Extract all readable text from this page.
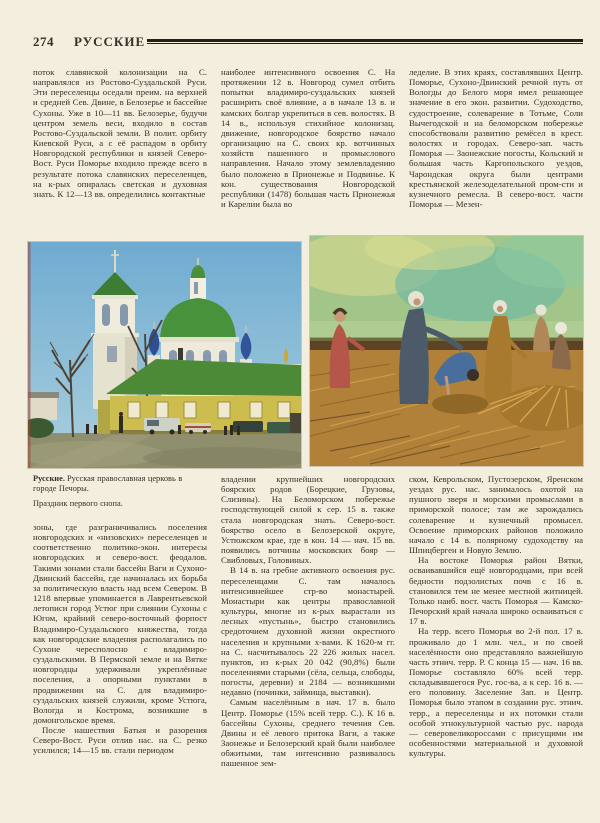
274 РУССКИЕ

поток славянской колонизации на С. направлялся из Ростово-Суздальской Руси. Эти переселенцы оседали преим. на верхней и средней Сев. Двине, в Белозерье и бассейне Сухоны. Уже в 10—11 вв. Белозерье, будучи центром земель веси, входило в состав Ростово-Суздальской земли. В полит. орбиту Киевской Руси, а с её распадом в орбиту Новгородской республики и князей Северо-Вост. Руси Поморье входило прежде всего в результате потока славянских переселенцев, на к-рых опиралась светская и духовная знать. К 12—13 вв. определились контактные

наиболее интенсивного освоения С. На протяжении 12 в. Новгород сумел отбить попытки владимиро-суздальских князей расширить своё влияние, а в начале 13 в. и камских болгар укрепиться в сев. волостях. В 14 в., используя стихийное колонизац. движение, новгородское боярство начало организацию на С. своих кр. вотчинных хозяйств пашенного и промыслового направления. Начало этому землевладению было положено в Прионежье и Подвинье. К кон. существования Новгородской республики (1478) большая часть Прионежья и Карелии была во

леделие. В этих краях, составлявших Центр. Поморье, Сухоно-Двинский речной путь от Вологды до Белого моря имел решающее значение в его экон. развитии. Судоходство, судостроение, солеварение в Тотьме, Соли Вычегодской и на беломорском побережье способствовали развитию ремёсел в крест. волостях и городах. Северо-зап. часть Поморья — Заонежские погосты, Кольский и большая часть Каргопольского уездов, Чарондская округа были центрами крестьянской железоделательной пром-сти и кузнечного ремесла. В северо-вост. части Поморья — Мезен-

Русские. Русская православная церковь в городе Печоры.

Праздник первого снопа.

зоны, где разграничивались поселения новгородских и «низовских» переселенцев и соответственно политико-экон. интересы новгородских и северо-вост. феодалов. Такими зонами стали бассейн Ваги и Сухоно-Двинский бассейн, где начиналась их борьба за политическую власть над всем Севером. В 1218 впервые упоминается в Лаврентьевской летописи город Устюг при слиянии Сухоны с Югом, крайний северо-восточный форпост Владимиро-Суздальского княжества, тогда как новгородские владения располагались по Сухоне чересполосно с владимиро-суздальскими. В Пермской земле и на Вятке новгородцы удерживали укреплённые поселения, а опорными пунктами в продвижении на С. для владимиро-суздальских князей служили, кроме Устюга, Вологда и Кострома, возникшие в домонгольское время.

После нашествия Батыя и разорения Северо-Вост. Руси отлив нас. на С. резко усилился; 14—15 вв. стали периодом

владении крупнейших новгородских боярских родов (Борецкие, Грузовы, Слизины). На Беломорском побережье господствующей силой к сер. 15 в. также стала новгородская знать. Северо-вост. боярство осело в Белозерской округе, Устюжском крае, где в кон. 14 — нач. 15 вв. появились вотчины московских бояр — Свибловых, Головиных.

В 14 в. на гребне активного освоения рус. переселенцами С. там началось интенсивнейшее стр-во монастырей. Монастыри как центры православной культуры, многие из к-рых вырастали из лесных «пустынь», быстро становились средоточием духовной жизни окрестного населения и крупными х-вами. К 1620-м гг. на С. насчитывалось 22 226 жилых насел. пунктов, из к-рых 20 042 (90,8%) были поселениями старыми (сёла, сельца, слободы, погосты, деревни) и 2184 — возникшими недавно (починки, займища, выставки).

Самым населённым в нач. 17 в. было Центр. Поморье (15% всей терр. С.). К 16 в. бассейны Сухоны, среднего течения Сев. Двины и её левого притока Ваги, а также Заонежье и Белозерский край были наиболее обжитыми, там интенсивно развивалось пашенное зем-

ском, Кеврольском, Пустозерском, Яренском уездах рус. нас. занималось охотой на пушного зверя и морскими промыслами в приморской полосе; там же зарождались солеварение и кузнечный промысел. Освоение приморских районов положило начало с 14 в. полярному судоходству на Шпицберген и Новую Землю.

На востоке Поморья район Вятки, осваивавшийся ещё новгородцами, при всей бедности подзолистых почв с 16 в. становился тем не менее местной житницей. Только наиб. вост. часть Поморья — Камско-Печорский край начала широко осваиваться с 17 в.

На терр. всего Поморья во 2-й пол. 17 в. проживало до 1 млн. чел., и по своей населённости оно представляло важнейшую часть этнич. терр. Р. С конца 15 — нач. 16 вв. Поморье составляло 60% всей терр. складывавшегося Рус. гос-ва, а к сер. 16 в. — его половину. Заселение Зап. и Центр. Поморья было этапом в создании рус. этнич. терр., а переселенцы и их потомки стали особой этнокультурной частью рус. народа — северовеликороссами с присущими им особенностями материальной и духовной культуры.
